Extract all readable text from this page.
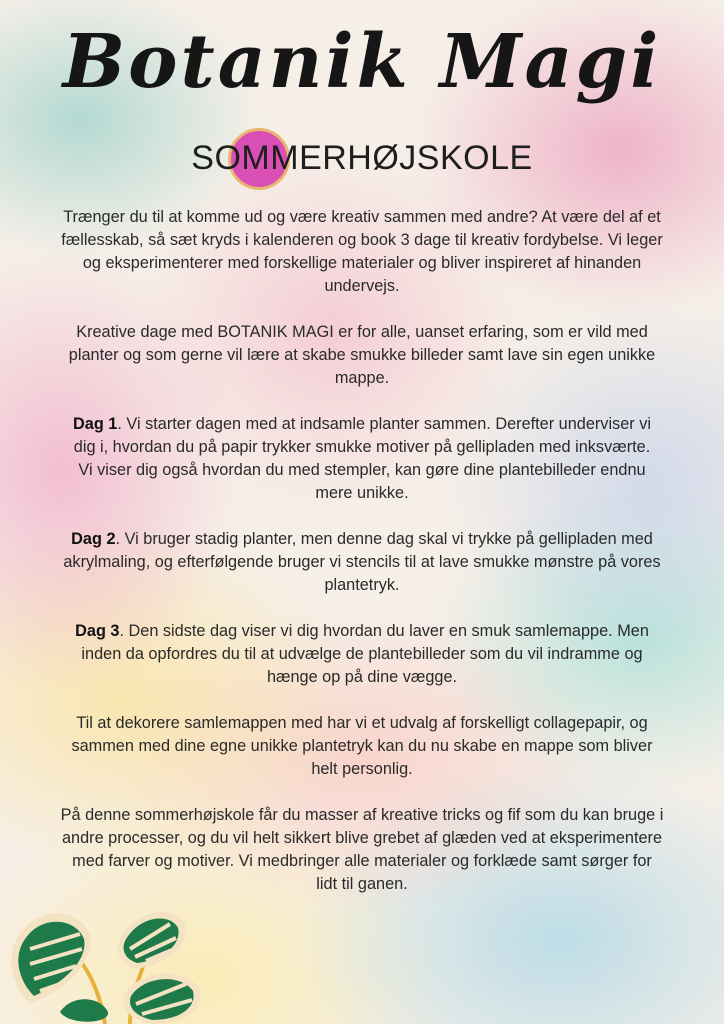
Botanik Magi
SOMMERHØJSKOLE

Trænger du til at komme ud og være kreativ sammen med andre? At være del af et fællesskab, så sæt kryds i kalenderen og book 3 dage til kreativ fordybelse. Vi leger og eksperimenterer med forskellige materialer og bliver inspireret af hinanden undervejs.

Kreative dage med BOTANIK MAGI er for alle, uanset erfaring, som er vild med planter og som gerne vil lære at skabe smukke billeder samt lave sin egen unikke mappe.

Dag 1. Vi starter dagen med at indsamle planter sammen. Derefter underviser vi dig i, hvordan du på papir trykker smukke motiver på gellipladen med inksværte.

Vi viser dig også hvordan du med stempler, kan gøre dine plantebilleder endnu mere unikke.

Dag 2. Vi bruger stadig planter, men denne dag skal vi trykke på gellipladen med akrylmaling, og efterfølgende bruger vi stencils til at lave smukke mønstre på vores plantetryk.

Dag 3. Den sidste dag viser vi dig hvordan du laver en smuk samlemappe. Men inden da opfordres du til at udvælge de plantebilleder som du vil indramme og hænge op på dine vægge.

Til at dekorere samlemappen med har vi et udvalg af forskelligt collagepapir, og sammen med dine egne unikke plantetryk kan du nu skabe en mappe som bliver helt personlig.

På denne sommerhøjskole får du masser af kreative tricks og fif som du kan bruge i andre processer, og du vil helt sikkert blive grebet af glæden ved at eksperimentere med farver og motiver. Vi medbringer alle materialer og forklæde samt sørger for lidt til ganen.
